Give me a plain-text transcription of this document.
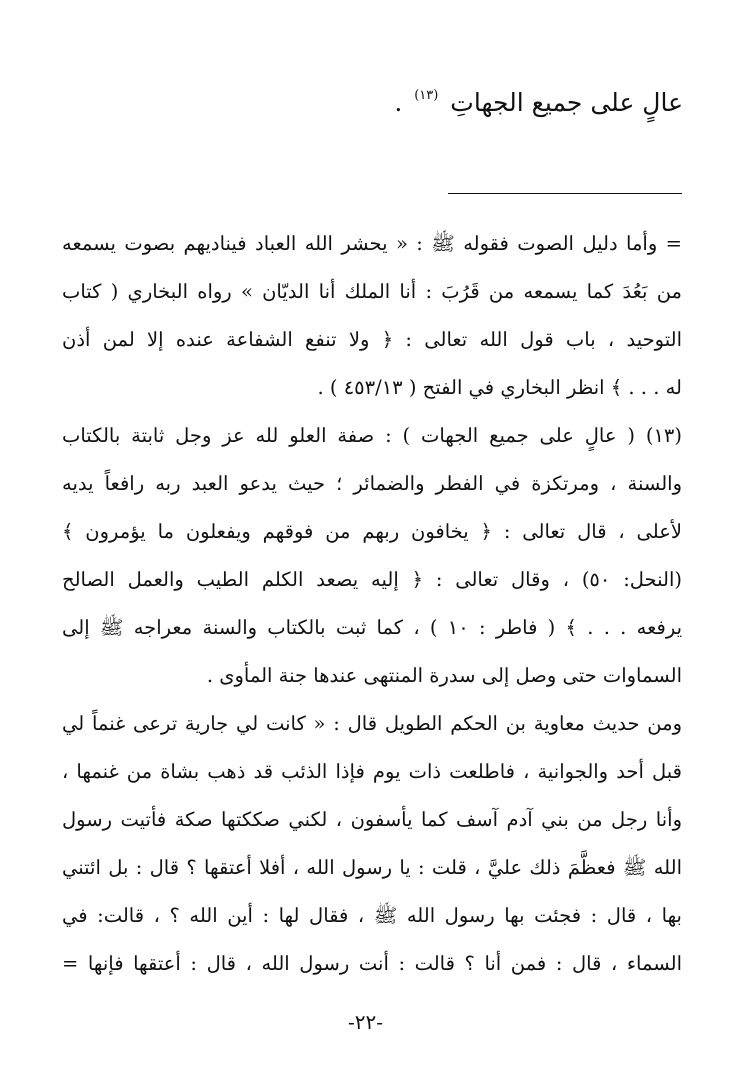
عالٍ على جميع الجهاتِ $^{(١٣)}$ .
= وأما دليل الصوت فقوله ﷺ : « يحشر الله العباد فيناديهم بصوت يسمعه
من بَعُدَ كما يسمعه من قَرُبَ : أنا الملك أنا الديّان » رواه البخاري ( كتاب
التوحيد ، باب قول الله تعالى : ﴿ ولا تنفع الشفاعة عنده إلا لمن أذن
له . . . ﴾ انظر البخاري في الفتح ( ٤٥٣/١٣ ) .
(١٣) ( عالٍ على جميع الجهات ) : صفة العلو لله عز وجل ثابتة بالكتاب
والسنة ، ومرتكزة في الفطر والضمائر ؛ حيث يدعو العبد ربه رافعاً يديه
لأعلى ، قال تعالى : ﴿ يخافون ربهم من فوقهم ويفعلون ما يؤمرون ﴾
(النحل: ٥٠) ، وقال تعالى : ﴿ إليه يصعد الكلم الطيب والعمل الصالح
يرفعه . . . ﴾ ( فاطر : ١٠ ) ، كما ثبت بالكتاب والسنة معراجه ﷺ إلى
السماوات حتى وصل إلى سدرة المنتهى عندها جنة المأوى .
ومن حديث معاوية بن الحكم الطويل قال : « كانت لي جارية ترعى غنماً لي
قبل أحد والجوانية ، فاطلعت ذات يوم فإذا الذئب قد ذهب بشاة من غنمها ،
وأنا رجل من بني آدم آسف كما يأسفون ، لكني صككتها صكة فأتيت رسول
الله ﷺ فعظَّمَ ذلك عليَّ ، قلت : يا رسول الله ، أفلا أعتقها ؟ قال : بل ائتني
بها ، قال : فجئت بها رسول الله ﷺ ، فقال لها : أين الله ؟ ، قالت: في
السماء ، قال : فمن أنا ؟ قالت : أنت رسول الله ، قال : أعتقها فإنها =
-٢٢-
